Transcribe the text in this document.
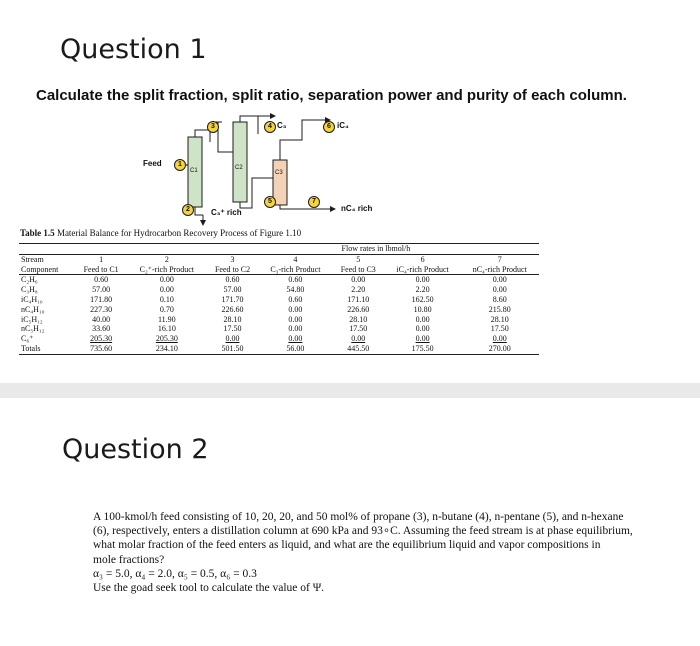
Question 1
Calculate the split fraction, split ratio, separation power and purity of each column.
Feed	1
C1	C2
C3
3	4 C₃	6 iC₄
2	C₃⁺ rich
5	7
nC₄ rich
Table 1.5 Material Balance for Hydrocarbon Recovery Process of Figure 1.10
	Flow rates in lbmol/h						
Stream	1	2	3	4	5	6	7
Component	Feed to C1	C₂⁺-rich Product	Feed to C2	C₃-rich Product	Feed to C3	iC₄-rich Product	nC₄-rich Product
C₂H₆	0.60	0.00	0.60	0.60	0.00	0.00	0.00
C₃H₈	57.00	0.00	57.00	54.80	2.20	2.20	0.00
iC₄H₁₀	171.80	0.10	171.70	0.60	171.10	162.50	8.60
nC₄H₁₀	227.30	0.70	226.60	0.00	226.60	10.80	215.80
iC₅H₁₂	40.00	11.90	28.10	0.00	28.10	0.00	28.10
nC₅H₁₂	33.60	16.10	17.50	0.00	17.50	0.00	17.50
C₆⁺	205.30	205.30	0.00	0.00	0.00	0.00	0.00
Totals	735.60	234.10	501.50	56.00	445.50	175.50	270.00
Question 2

A 100-kmol/h feed consisting of 10, 20, 20, and 50 mol% of propane (3), n-butane (4), n-pentane (5), and n-hexane

(6), respectively, enters a distillation column at 690 kPa and 93∘C. Assuming the feed stream is at phase equilibrium,

what molar fraction of the feed enters as liquid, and what are the equilibrium liquid and vapor compositions in

mole fractions?

α₃ = 5.0, α₄ = 2.0, α₅ = 0.5, α₆ = 0.3

Use the goad seek tool to calculate the value of Ψ.
